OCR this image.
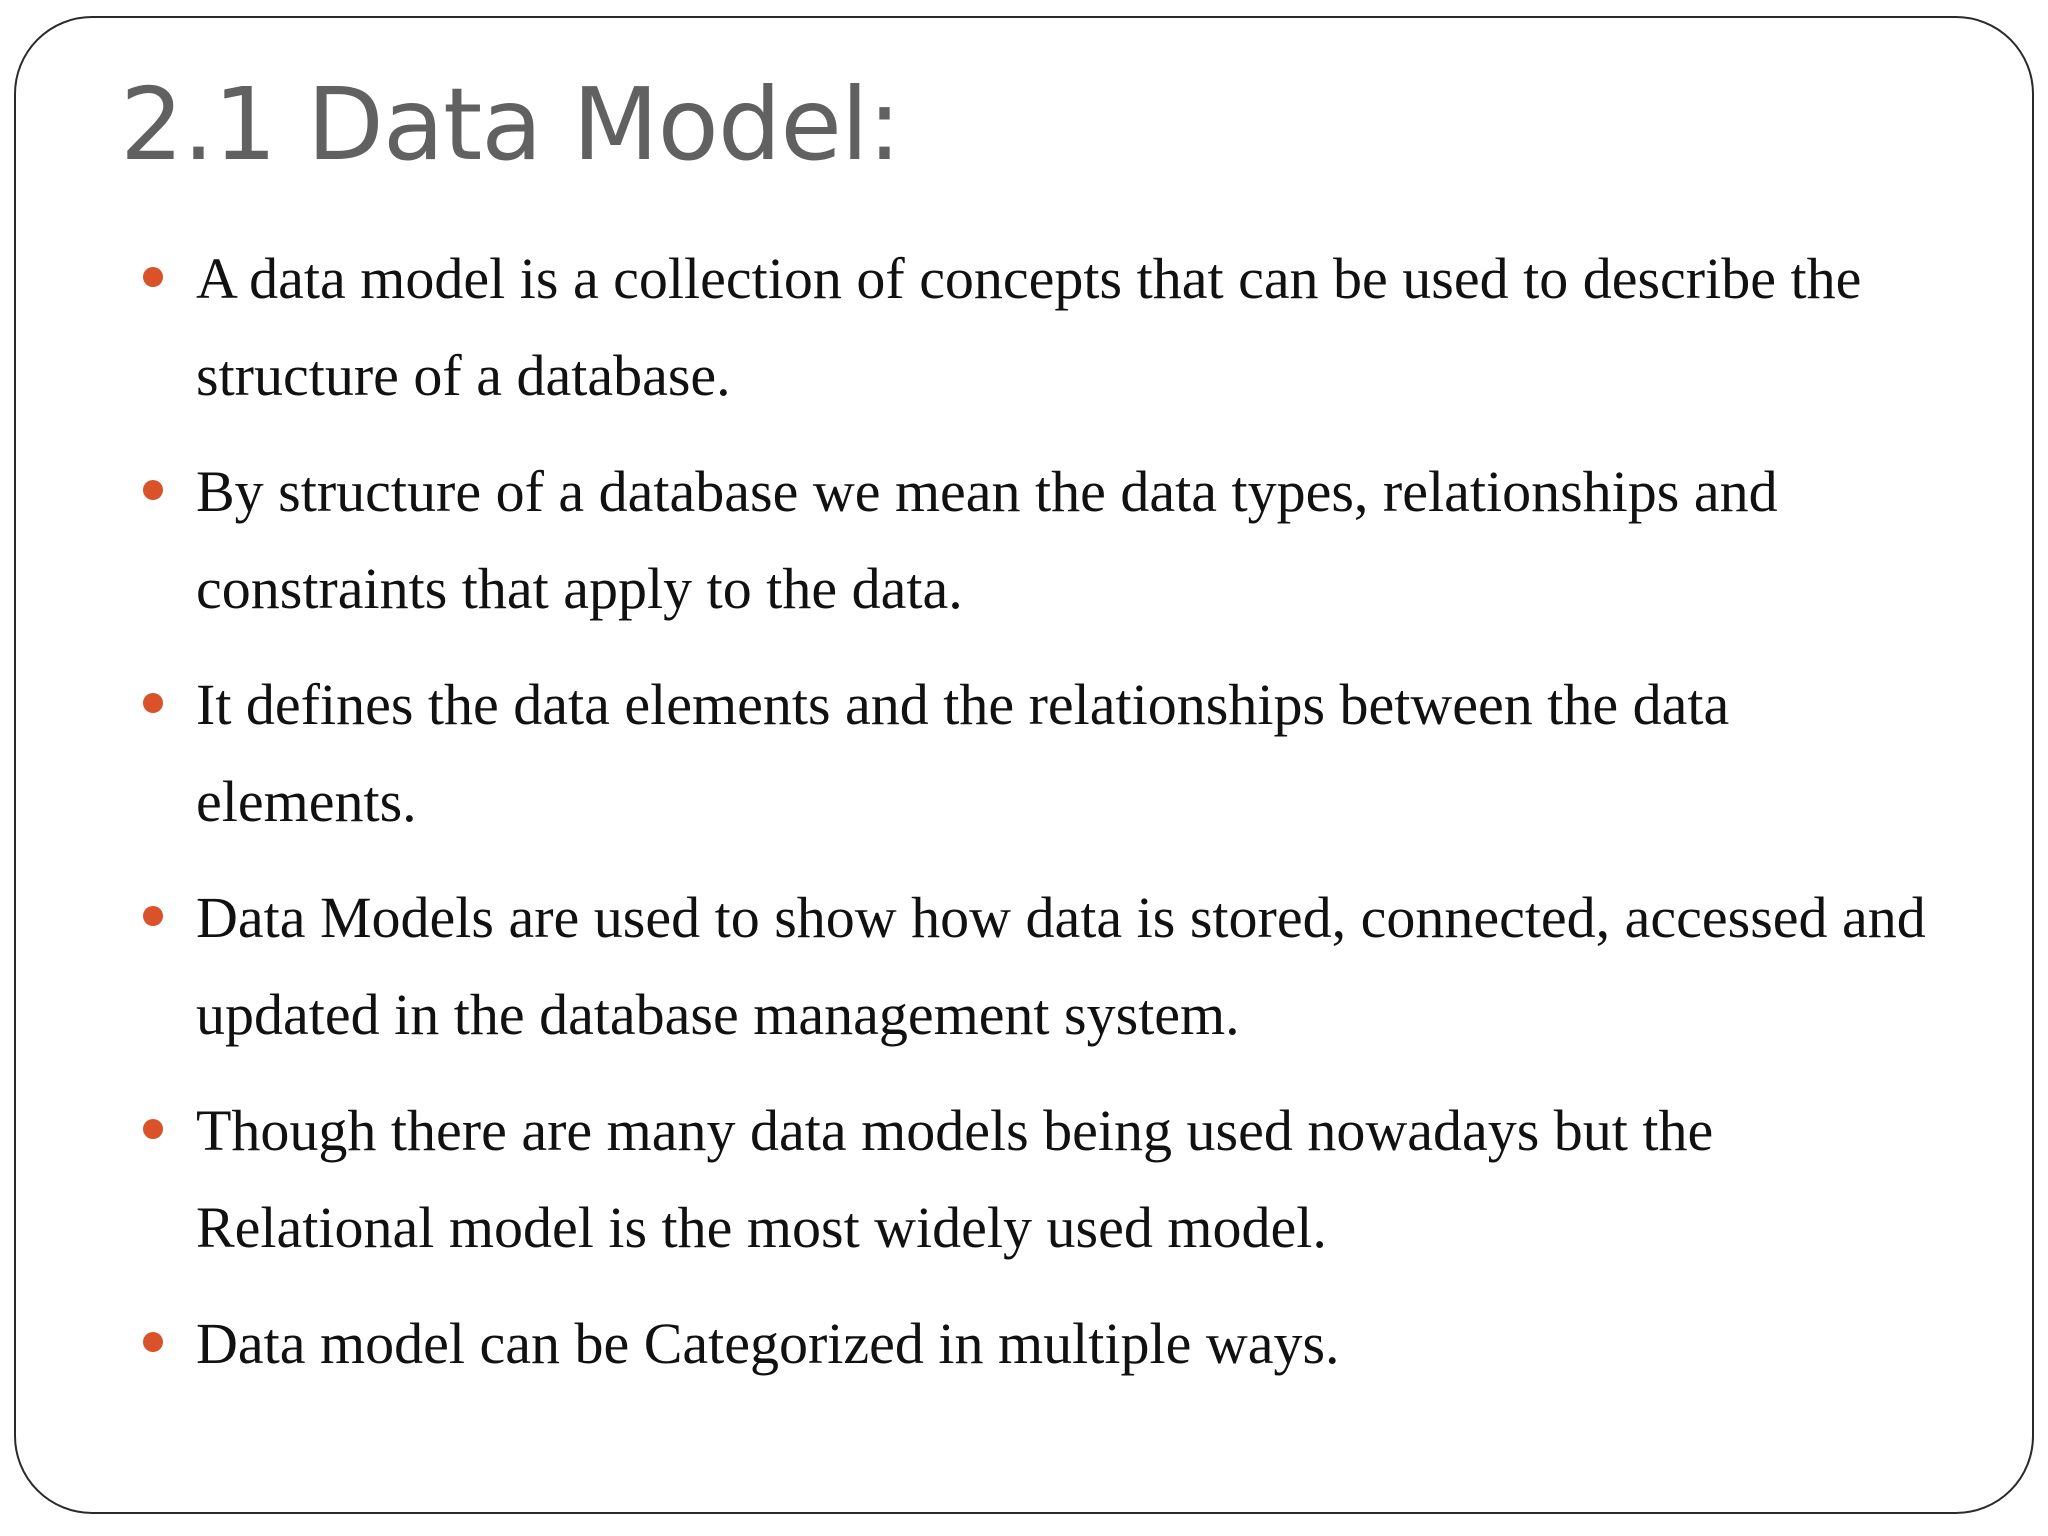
2.1 Data Model:
A data model is a collection of concepts that can be used to describe the structure of a database.
By structure of a database we mean the data types, relationships and constraints that apply to the data.
It defines the data elements and the relationships between the data elements.
Data Models are used to show how data is stored, connected, accessed and updated in the database management system.
Though there are many data models being used nowadays but the Relational model is the most widely used model.
Data model can be Categorized in multiple ways.
